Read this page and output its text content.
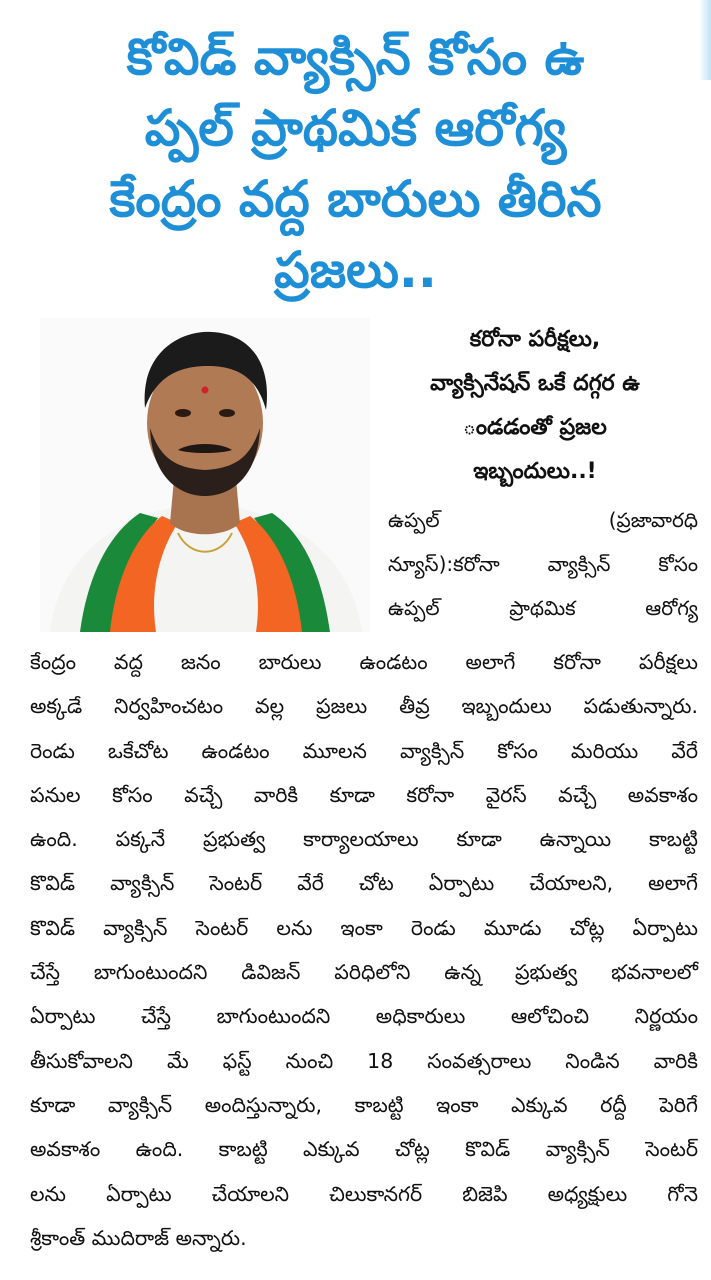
కోవిడ్ వ్యాక్సిన్ కోసం ఉ
ప్పల్ ప్రాథమిక ఆరోగ్య
కేంద్రం వద్ద బారులు తీరిన
ప్రజలు..
కరోనా పరీక్షలు,
వ్యాక్సినేషన్ ఒకే దగ్గర ఉ
ండడంతో ప్రజల
ఇబ్బందులు..!
ఉప్పల్ (ప్రజావారధి
న్యూస్):కరోనా వ్యాక్సిన్ కోసం
ఉప్పల్ ప్రాథమిక ఆరోగ్య
కేంద్రం వద్ద జనం బారులు ఉండటం అలాగే కరోనా పరీక్షలు
అక్కడే నిర్వహించటం వల్ల ప్రజలు తీవ్ర ఇబ్బందులు పడుతున్నారు.
రెండు ఒకేచోట ఉండటం మూలన వ్యాక్సిన్ కోసం మరియు వేరే
పనుల కోసం వచ్చే వారికి కూడా కరోనా వైరస్ వచ్చే అవకాశం
ఉంది. పక్కనే ప్రభుత్వ కార్యాలయాలు కూడా ఉన్నాయి కాబట్టి
కొవిడ్ వ్యాక్సిన్ సెంటర్ వేరే చోట ఏర్పాటు చేయాలని, అలాగే
కొవిడ్ వ్యాక్సిన్ సెంటర్ లను ఇంకా రెండు మూడు చోట్ల ఏర్పాటు
చేస్తే బాగుంటుందని డివిజన్ పరిధిలోని ఉన్న ప్రభుత్వ భవనాలలో
ఏర్పాటు చేస్తే బాగుంటుందని అధికారులు ఆలోచించి నిర్ణయం
తీసుకోవాలని మే ఫస్ట్ నుంచి 18 సంవత్సరాలు నిండిన వారికి
కూడా వ్యాక్సిన్ అందిస్తున్నారు, కాబట్టి ఇంకా ఎక్కువ రద్దీ పెరిగే
అవకాశం ఉంది. కాబట్టి ఎక్కువ చోట్ల కొవిడ్ వ్యాక్సిన్ సెంటర్
లను ఏర్పాటు చేయాలని చిలుకానగర్ బిజెపి అధ్యక్షులు గోనె
శ్రీకాంత్ ముదిరాజ్ అన్నారు.
